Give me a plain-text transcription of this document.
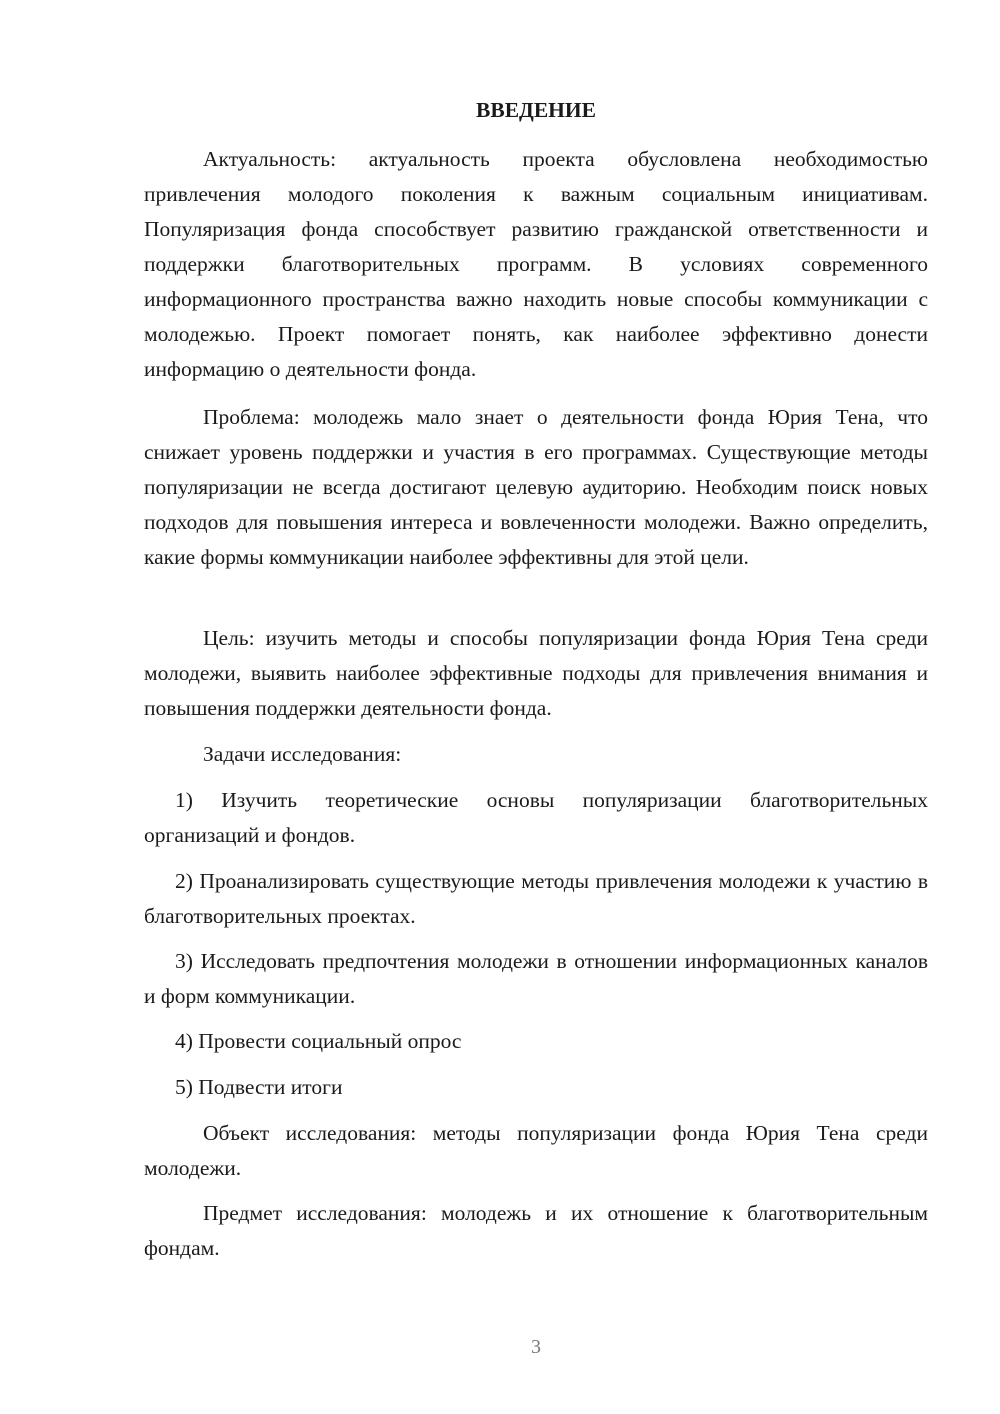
ВВЕДЕНИЕ

Актуальность: актуальность проекта обусловлена необходимостью привлечения молодого поколения к важным социальным инициативам. Популяризация фонда способствует развитию гражданской ответственности и поддержки благотворительных программ. В условиях современного информационного пространства важно находить новые способы коммуникации с молодежью. Проект помогает понять, как наиболее эффективно донести информацию о деятельности фонда.

Проблема: молодежь мало знает о деятельности фонда Юрия Тена, что снижает уровень поддержки и участия в его программах. Существующие методы популяризации не всегда достигают целевую аудиторию. Необходим поиск новых подходов для повышения интереса и вовлеченности молодежи. Важно определить, какие формы коммуникации наиболее эффективны для этой цели.

Цель: изучить методы и способы популяризации фонда Юрия Тена среди молодежи, выявить наиболее эффективные подходы для привлечения внимания и повышения поддержки деятельности фонда.

Задачи исследования:

1) Изучить теоретические основы популяризации благотворительных организаций и фондов.

2) Проанализировать существующие методы привлечения молодежи к участию в благотворительных проектах.

3) Исследовать предпочтения молодежи в отношении информационных каналов и форм коммуникации.

4) Провести социальный опрос

5) Подвести итоги

Объект исследования: методы популяризации фонда Юрия Тена среди молодежи.

Предмет исследования: молодежь и их отношение к благотворительным фондам.

3
